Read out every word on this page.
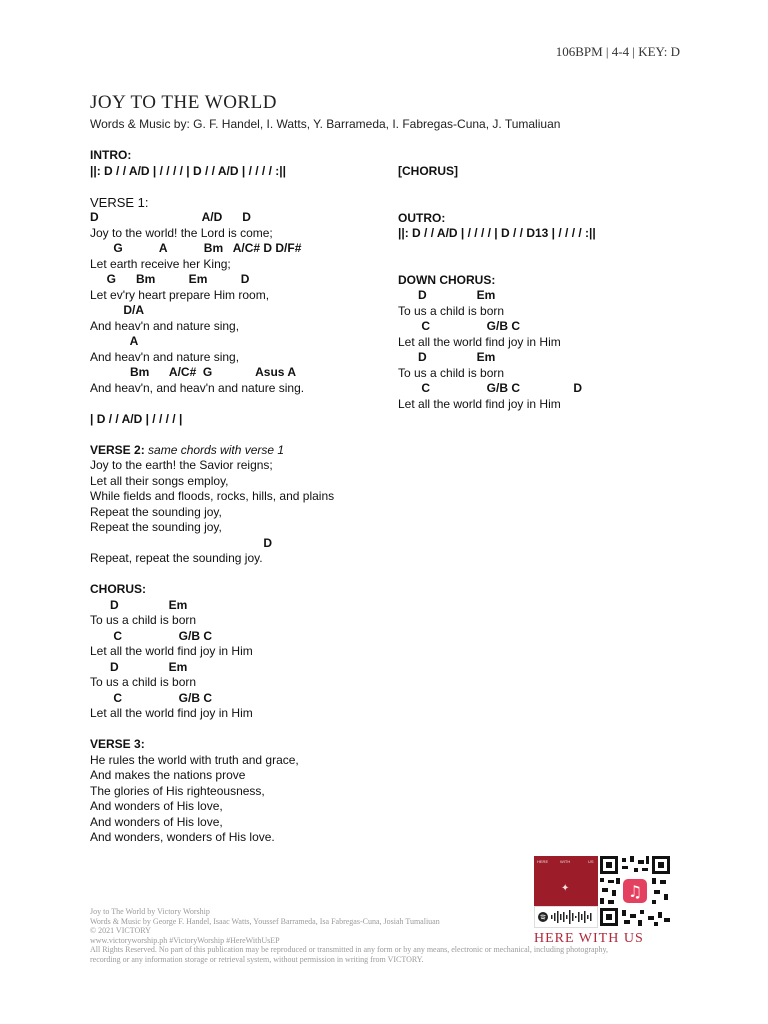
106BPM | 4-4 | KEY: D
JOY TO THE WORLD
Words & Music by: G. F. Handel, I. Watts, Y. Barrameda, I. Fabregas-Cuna, J. Tumaliuan
INTRO:
||: D / / A/D | / / / / | D / / A/D | / / / / :||
VERSE 1:
D                               A/D      D
Joy to the world! the Lord is come;
G           A           Bm   A/C# D D/F#
Let earth receive her King;
G      Bm          Em          D
Let ev'ry heart prepare Him room,
D/A
And heav'n and nature sing,
A
And heav'n and nature sing,
Bm      A/C#  G             Asus A
And heav'n, and heav'n and nature sing.
| D / / A/D | / / / / |
VERSE 2: same chords with verse 1
Joy to the earth! the Savior reigns;
Let all their songs employ,
While fields and floods, rocks, hills, and plains
Repeat the sounding joy,
Repeat the sounding joy,
D
Repeat, repeat the sounding joy.
CHORUS:
D               Em
To us a child is born
C                 G/B C
Let all the world find joy in Him
D               Em
To us a child is born
C                 G/B C
Let all the world find joy in Him
VERSE 3:
He rules the world with truth and grace,
And makes the nations prove
The glories of His righteousness,
And wonders of His love,
And wonders of His love,
And wonders, wonders of His love.
[CHORUS]
OUTRO:
||: D / / A/D | / / / / | D / / D13 | / / / / :||
DOWN CHORUS:
D               Em
To us a child is born
C                 G/B C
Let all the world find joy in Him
D               Em
To us a child is born
C                 G/B C                D
Let all the world find joy in Him
Joy to The World by Victory Worship
Words & Music by George F. Handel, Isaac Watts, Youssef Barrameda, Isa Fabregas-Cuna, Josiah Tumaliuan
© 2021 VICTORY
www.victoryworship.ph #VictoryWorship #HereWithUsEP
All Rights Reserved. No part of this publication may be reproduced or transmitted in any form or by any means, electronic or mechanical, including photography,
recording or any information storage or retrieval system, without permission in writing from VICTORY.
HERE	WITH	US
✦	♫
HERE WITH US
